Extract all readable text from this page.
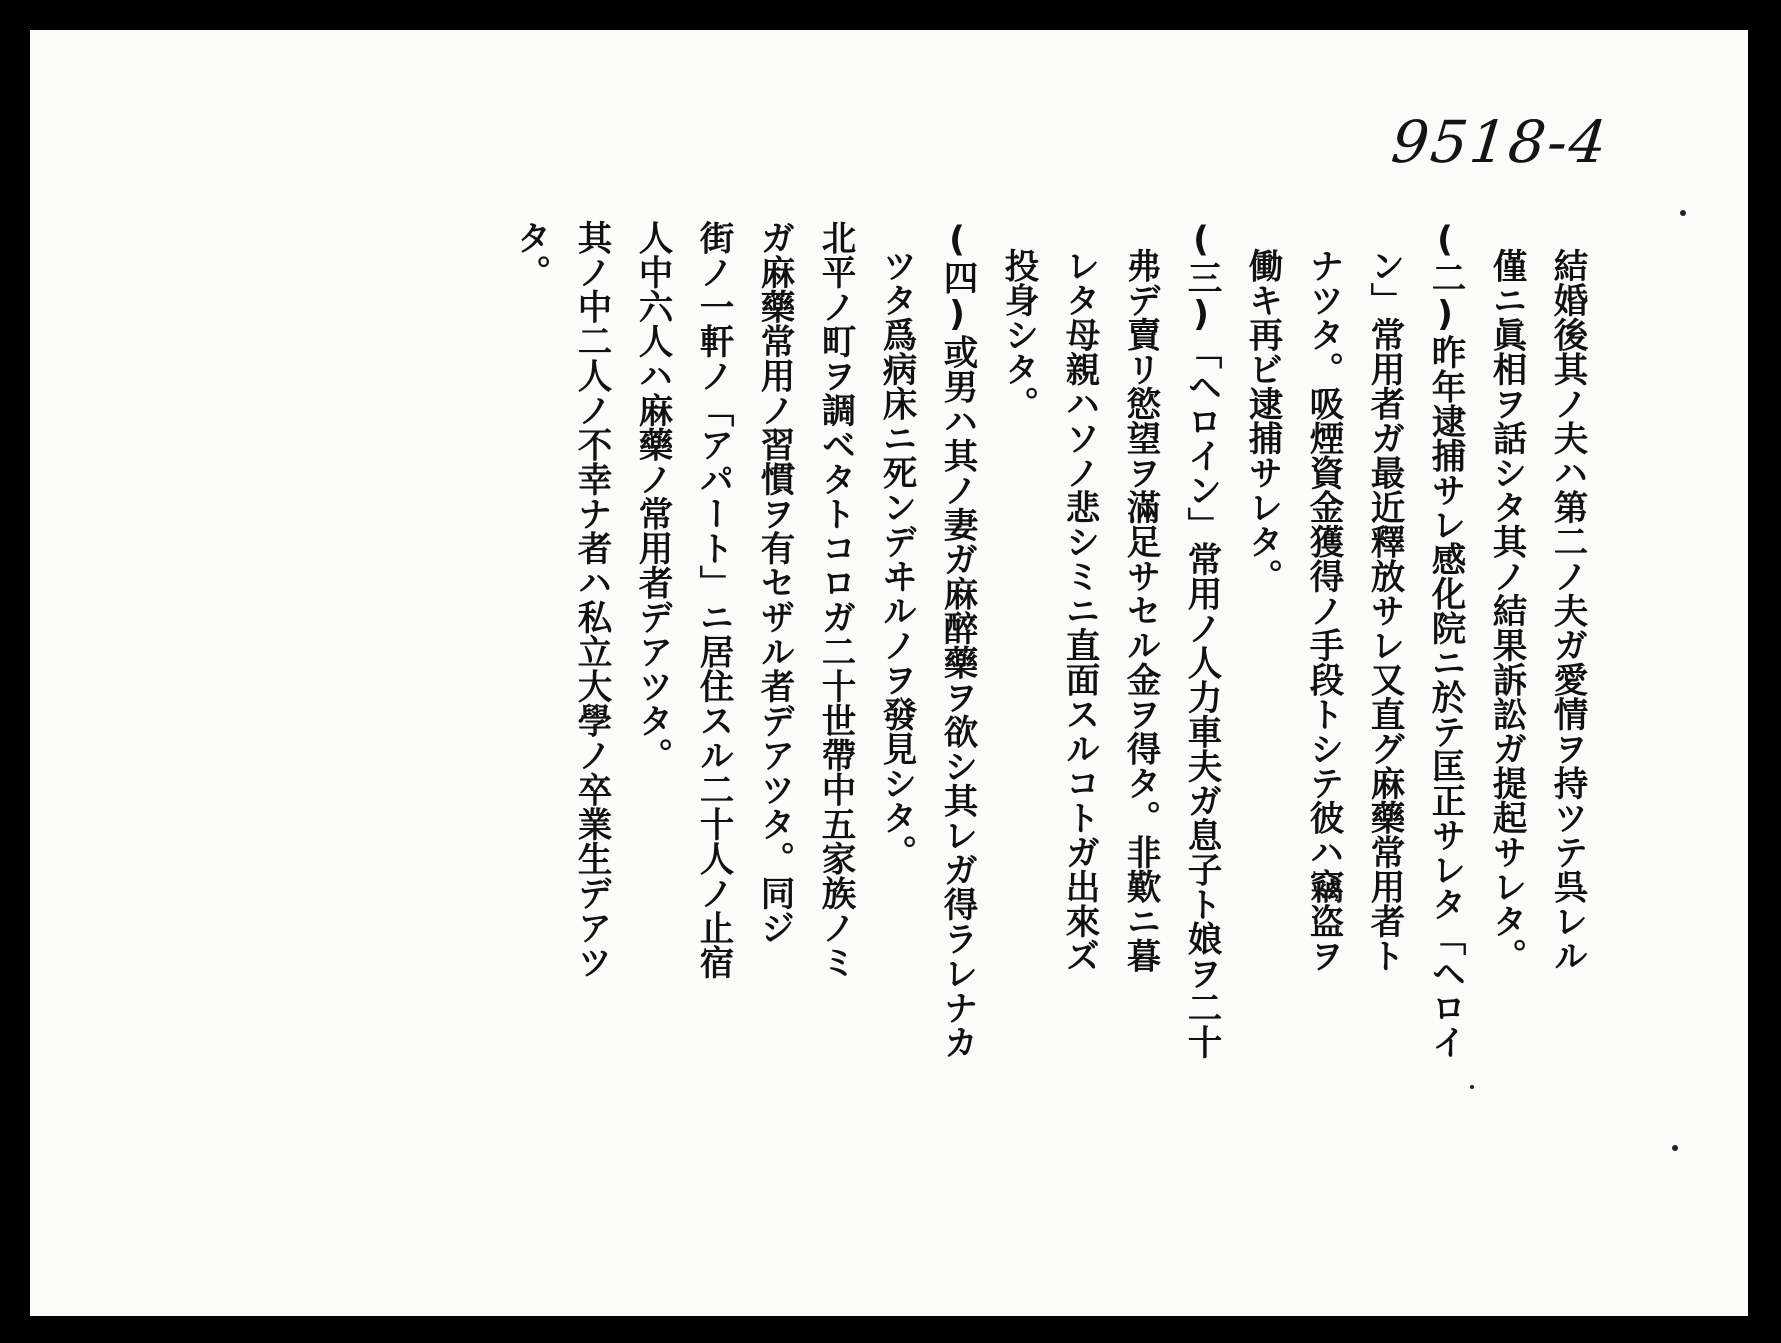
9518-4
結婚後其ノ夫ハ第二ノ夫ガ愛情ヲ持ツテ呉レル
僅ニ眞相ヲ話シタ其ノ結果訴訟ガ提起サレタ。
(二)昨年逮捕サレ感化院ニ於テ匡正サレタ「ヘロイ
ン」常用者ガ最近釋放サレ又直グ麻藥常用者ト
ナツタ。吸煙資金獲得ノ手段トシテ彼ハ竊盗ヲ
働キ再ビ逮捕サレタ。
(三)「ヘロイン」常用ノ人力車夫ガ息子ト娘ヲ二十
弗デ賣リ慾望ヲ滿足サセル金ヲ得タ。非歎ニ暮
レタ母親ハソノ悲シミニ直面スルコトガ出來ズ
投身シタ。
(四)或男ハ其ノ妻ガ麻醉藥ヲ欲シ其レガ得ラレナカ
ツタ爲病床ニ死ンデヰルノヲ發見シタ。
北平ノ町ヲ調ベタトコロガ二十世帶中五家族ノミ
ガ麻藥常用ノ習慣ヲ有セザル者デアツタ。同ジ
街ノ一軒ノ「アパート」ニ居住スル二十人ノ止宿
人中六人ハ麻藥ノ常用者デアツタ。
其ノ中二人ノ不幸ナ者ハ私立大學ノ卒業生デアツ
タ。
